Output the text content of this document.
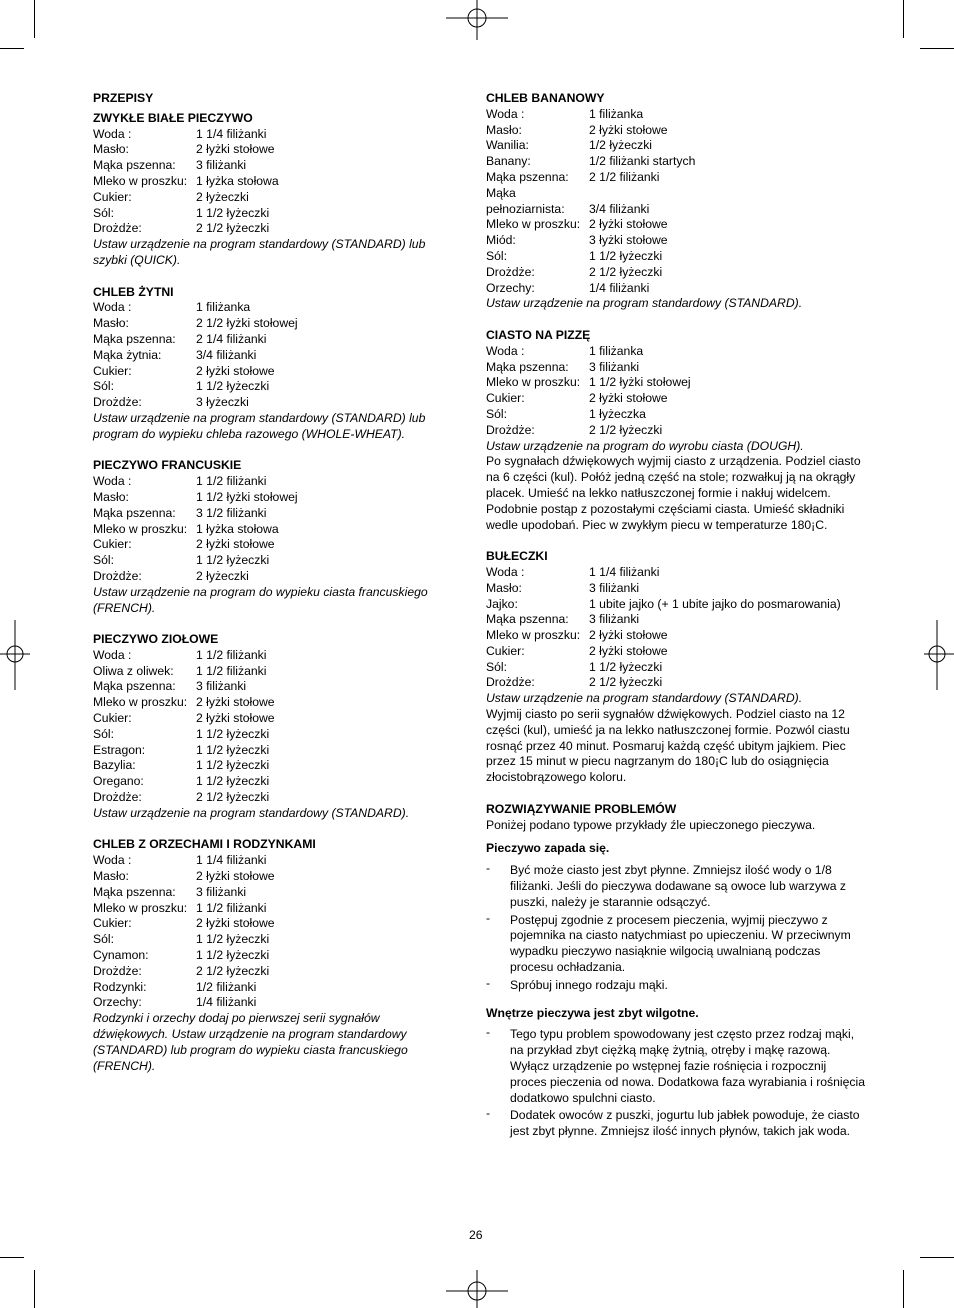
PRZEPISY
ZWYKŁE BIAŁE PIECZYWO
Woda :	1 1/4 filiżanki
Masło:	2 łyżki stołowe
Mąka pszenna:	3 filiżanki
Mleko w proszku: 1 łyżka stołowa
Cukier:	2 łyżeczki
Sól:	1 1/2 łyżeczki
Drożdże:	2 1/2 łyżeczki
Ustaw urządzenie na program standardowy (STANDARD) lub szybki (QUICK).
CHLEB ŻYTNI
Woda :	1 filiżanka
Masło:	2 1/2 łyżki stołowej
Mąka pszenna:	2 1/4 filiżanki
Mąka żytnia:	3/4 filiżanki
Cukier:	2 łyżki stołowe
Sól:	1 1/2 łyżeczki
Drożdże:	3 łyżeczki
Ustaw urządzenie na program standardowy (STANDARD) lub program do wypieku chleba razowego (WHOLE-WHEAT).
PIECZYWO FRANCUSKIE
Woda :	1 1/2 filiżanki
Masło:	1 1/2 łyżki stołowej
Mąka pszenna:	3 1/2 filiżanki
Mleko w proszku: 1 łyżka stołowa
Cukier:	2 łyżki stołowe
Sól:	1 1/2 łyżeczki
Drożdże:	2 łyżeczki
Ustaw urządzenie na program do wypieku ciasta francuskiego (FRENCH).
PIECZYWO ZIOŁOWE
Woda :	1 1/2 filiżanki
Oliwa z oliwek:	1 1/2 filiżanki
Mąka pszenna:	3 filiżanki
Mleko w proszku: 2 łyżki stołowe
Cukier:	2 łyżki stołowe
Sól:	1 1/2 łyżeczki
Estragon:	1 1/2 łyżeczki
Bazylia:	1 1/2 łyżeczki
Oregano:	1 1/2 łyżeczki
Drożdże:	2 1/2 łyżeczki
Ustaw urządzenie na program standardowy (STANDARD).
CHLEB Z ORZECHAMI I RODZYNKAMI
Woda :	1 1/4 filiżanki
Masło:	2 łyżki stołowe
Mąka pszenna:	3 filiżanki
Mleko w proszku: 1 1/2 filiżanki
Cukier:	2 łyżki stołowe
Sól:	1 1/2 łyżeczki
Cynamon:	1 1/2 łyżeczki
Drożdże:	2 1/2 łyżeczki
Rodzynki:	1/2 filiżanki
Orzechy:	1/4 filiżanki
Rodzynki i orzechy dodaj po pierwszej serii sygnałów dźwiękowych. Ustaw urządzenie na program standardowy (STANDARD) lub program do wypieku ciasta francuskiego (FRENCH).
CHLEB BANANOWY
Woda :	1 filiżanka
Masło:	2 łyżki stołowe
Wanilia:	1/2 łyżeczki
Banany:	1/2 filiżanki startych
Mąka pszenna:	2 1/2 filiżanki
Mąka
pełnoziarnista:	3/4 filiżanki
Mleko w proszku: 2 łyżki stołowe
Miód:	3 łyżki stołowe
Sól:	1 1/2 łyżeczki
Drożdże:	2 1/2 łyżeczki
Orzechy:	1/4 filiżanki
Ustaw urządzenie na program standardowy (STANDARD).
CIASTO NA PIZZĘ
Woda :	1 filiżanka
Mąka pszenna:	3 filiżanki
Mleko w proszku: 1 1/2 łyżki stołowej
Cukier:	2 łyżki stołowe
Sól:	1 łyżeczka
Drożdże:	2 1/2 łyżeczki
Ustaw urządzenie na program do wyrobu ciasta (DOUGH).

Po sygnałach dźwiękowych wyjmij ciasto z urządzenia. Podziel ciasto na 6 części (kul). Połóż jedną część na stole; rozwałkuj ją na okrągły placek. Umieść na lekko natłuszczonej formie i nakłuj widelcem. Podobnie postąp z pozostałymi częściami ciasta. Umieść składniki wedle upodobań. Piec w zwykłym piecu w temperaturze 180¡C.

BUŁECZKI
Woda :	1 1/4 filiżanki
Masło:	3 filiżanki
Jajko:	1 ubite jajko (+ 1 ubite jajko do posmarowania)
Mąka pszenna:	3 filiżanki
Mleko w proszku: 2 łyżki stołowe
Cukier:	2 łyżki stołowe
Sól:	1 1/2 łyżeczki
Drożdże:	2 1/2 łyżeczki
Ustaw urządzenie na program standardowy (STANDARD).

Wyjmij ciasto po serii sygnałów dźwiękowych. Podziel ciasto na 12 części (kul), umieść ja na lekko natłuszczonej formie. Pozwól ciastu rosnąć przez 40 minut. Posmaruj każdą część ubitym jajkiem. Piec przez 15 minut w piecu nagrzanym do 180¡C lub do osiągnięcia złocistobrązowego koloru.

ROZWIĄZYWANIE PROBLEMÓW

Poniżej podano typowe przykłady źle upieczonego pieczywa.

Pieczywo zapada się.
-	Być może ciasto jest zbyt płynne. Zmniejsz ilość wody o 1/8 filiżanki. Jeśli do pieczywa dodawane są owoce lub warzywa z puszki, należy je starannie odsączyć.
-	Postępuj zgodnie z procesem pieczenia, wyjmij pieczywo z pojemnika na ciasto natychmiast po upieczeniu. W przeciwnym wypadku pieczywo nasiąknie wilgocią uwalnianą podczas procesu ochładzania.
-	Spróbuj innego rodzaju mąki.
Wnętrze pieczywa jest zbyt wilgotne.
-	Tego typu problem spowodowany jest często przez rodzaj mąki, na przykład zbyt ciężką mąkę żytnią, otręby i mąkę razową. Wyłącz urządzenie po wstępnej fazie rośnięcia i rozpocznij proces pieczenia od nowa. Dodatkowa faza wyrabiania i rośnięcia dodatkowo spulchni ciasto.
-	Dodatek owoców z puszki, jogurtu lub jabłek powoduje, że ciasto jest zbyt płynne. Zmniejsz ilość innych płynów, takich jak woda.
26
